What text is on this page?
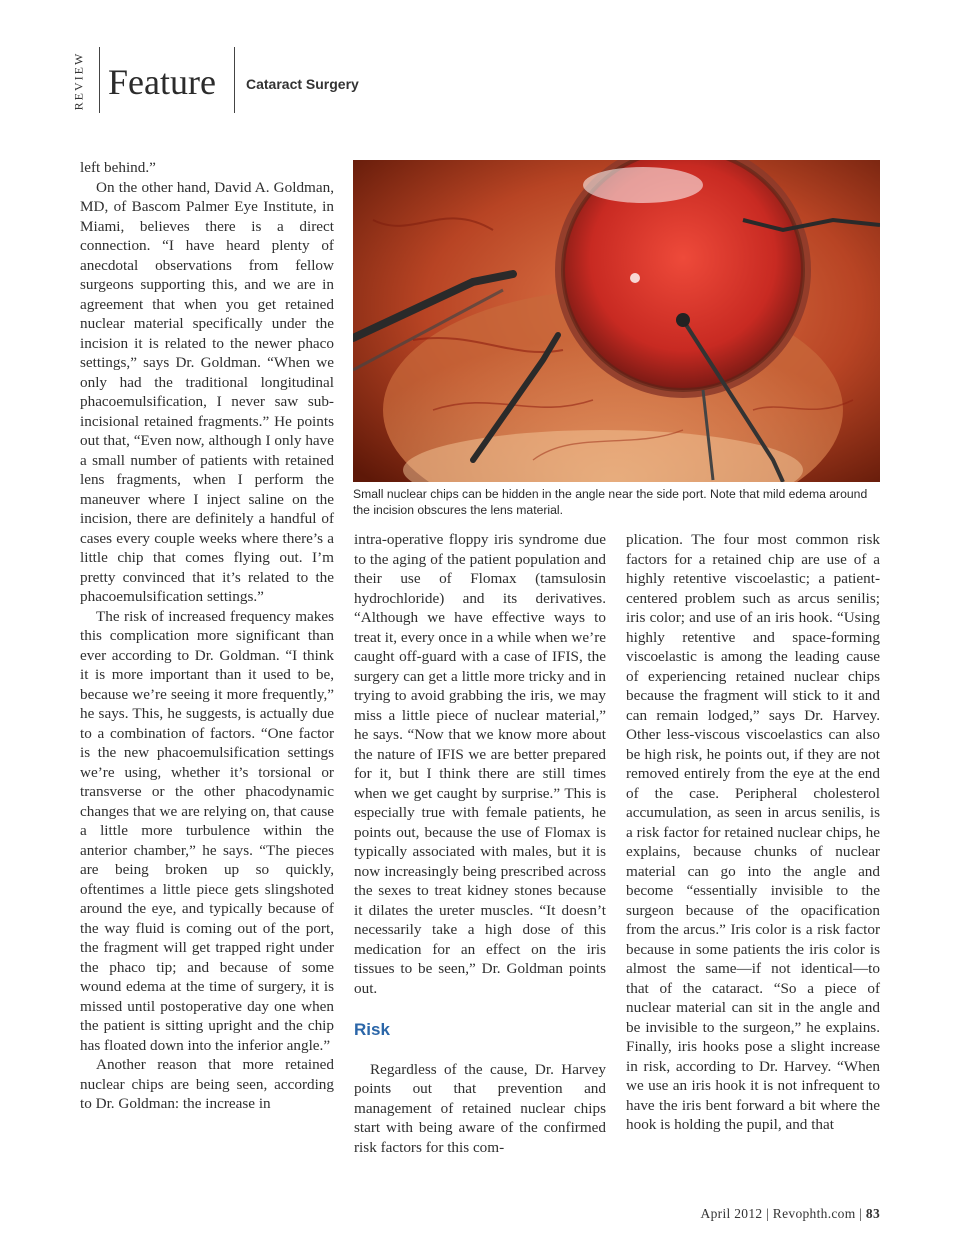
REVIEW Feature Cataract Surgery

left behind.”

On the other hand, David A. Goldman, MD, of Bascom Palmer Eye Institute, in Miami, believes there is a direct connection. “I have heard plenty of anecdotal observations from fellow surgeons supporting this, and we are in agreement that when you get retained nuclear material specifically under the incision it is related to the newer phaco settings,” says Dr. Goldman. “When we only had the traditional longitudinal phacoemulsification, I never saw sub-incisional retained fragments.” He points out that, “Even now, although I only have a small number of patients with retained lens fragments, when I perform the maneuver where I inject saline on the incision, there are definitely a handful of cases every couple weeks where there’s a little chip that comes flying out. I’m pretty convinced that it’s related to the phacoemulsification settings.”

The risk of increased frequency makes this complication more significant than ever according to Dr. Goldman. “I think it is more important than it used to be, because we’re seeing it more frequently,” he says. This, he suggests, is actually due to a combination of factors. “One factor is the new phacoemulsification settings we’re using, whether it’s torsional or transverse or the other phacodynamic changes that we are relying on, that cause a little more turbulence within the anterior chamber,” he says. “The pieces are being broken up so quickly, oftentimes a little piece gets slingshoted around the eye, and typically because of the way fluid is coming out of the port, the fragment will get trapped right under the phaco tip; and because of some wound edema at the time of surgery, it is missed until postoperative day one when the patient is sitting upright and the chip has floated down into the inferior angle.”

Another reason that more retained nuclear chips are being seen, according to Dr. Goldman: the increase in

Small nuclear chips can be hidden in the angle near the side port. Note that mild edema around the incision obscures the lens material.

intra-operative floppy iris syndrome due to the aging of the patient population and their use of Flomax (tamsulosin hydrochloride) and its derivatives. “Although we have effective ways to treat it, every once in a while when we’re caught off-guard with a case of IFIS, the surgery can get a little more tricky and in trying to avoid grabbing the iris, we may miss a little piece of nuclear material,” he says. “Now that we know more about the nature of IFIS we are better prepared for it, but I think there are still times when we get caught by surprise.” This is especially true with female patients, he points out, because the use of Flomax is typically associated with males, but it is now increasingly being prescribed across the sexes to treat kidney stones because it dilates the ureter muscles. “It doesn’t necessarily take a high dose of this medication for an effect on the iris tissues to be seen,” Dr. Goldman points out.

Risk

Regardless of the cause, Dr. Harvey points out that prevention and management of retained nuclear chips start with being aware of the confirmed risk factors for this com-

plication. The four most common risk factors for a retained chip are use of a highly retentive viscoelastic; a patient-centered problem such as arcus senilis; iris color; and use of an iris hook. “Using highly retentive and space-forming viscoelastic is among the leading cause of experiencing retained nuclear chips because the fragment will stick to it and can remain lodged,” says Dr. Harvey. Other less-viscous viscoelastics can also be high risk, he points out, if they are not removed entirely from the eye at the end of the case. Peripheral cholesterol accumulation, as seen in arcus senilis, is a risk factor for retained nuclear chips, he explains, because chunks of nuclear material can go into the angle and become “essentially invisible to the surgeon because of the opacification from the arcus.” Iris color is a risk factor because in some patients the iris color is almost the same—if not identical—to that of the cataract. “So a piece of nuclear material can sit in the angle and be invisible to the surgeon,” he explains. Finally, iris hooks pose a slight increase in risk, according to Dr. Harvey. “When we use an iris hook it is not infrequent to have the iris bent forward a bit where the hook is holding the pupil, and that

April 2012 | Revophth.com | 83
